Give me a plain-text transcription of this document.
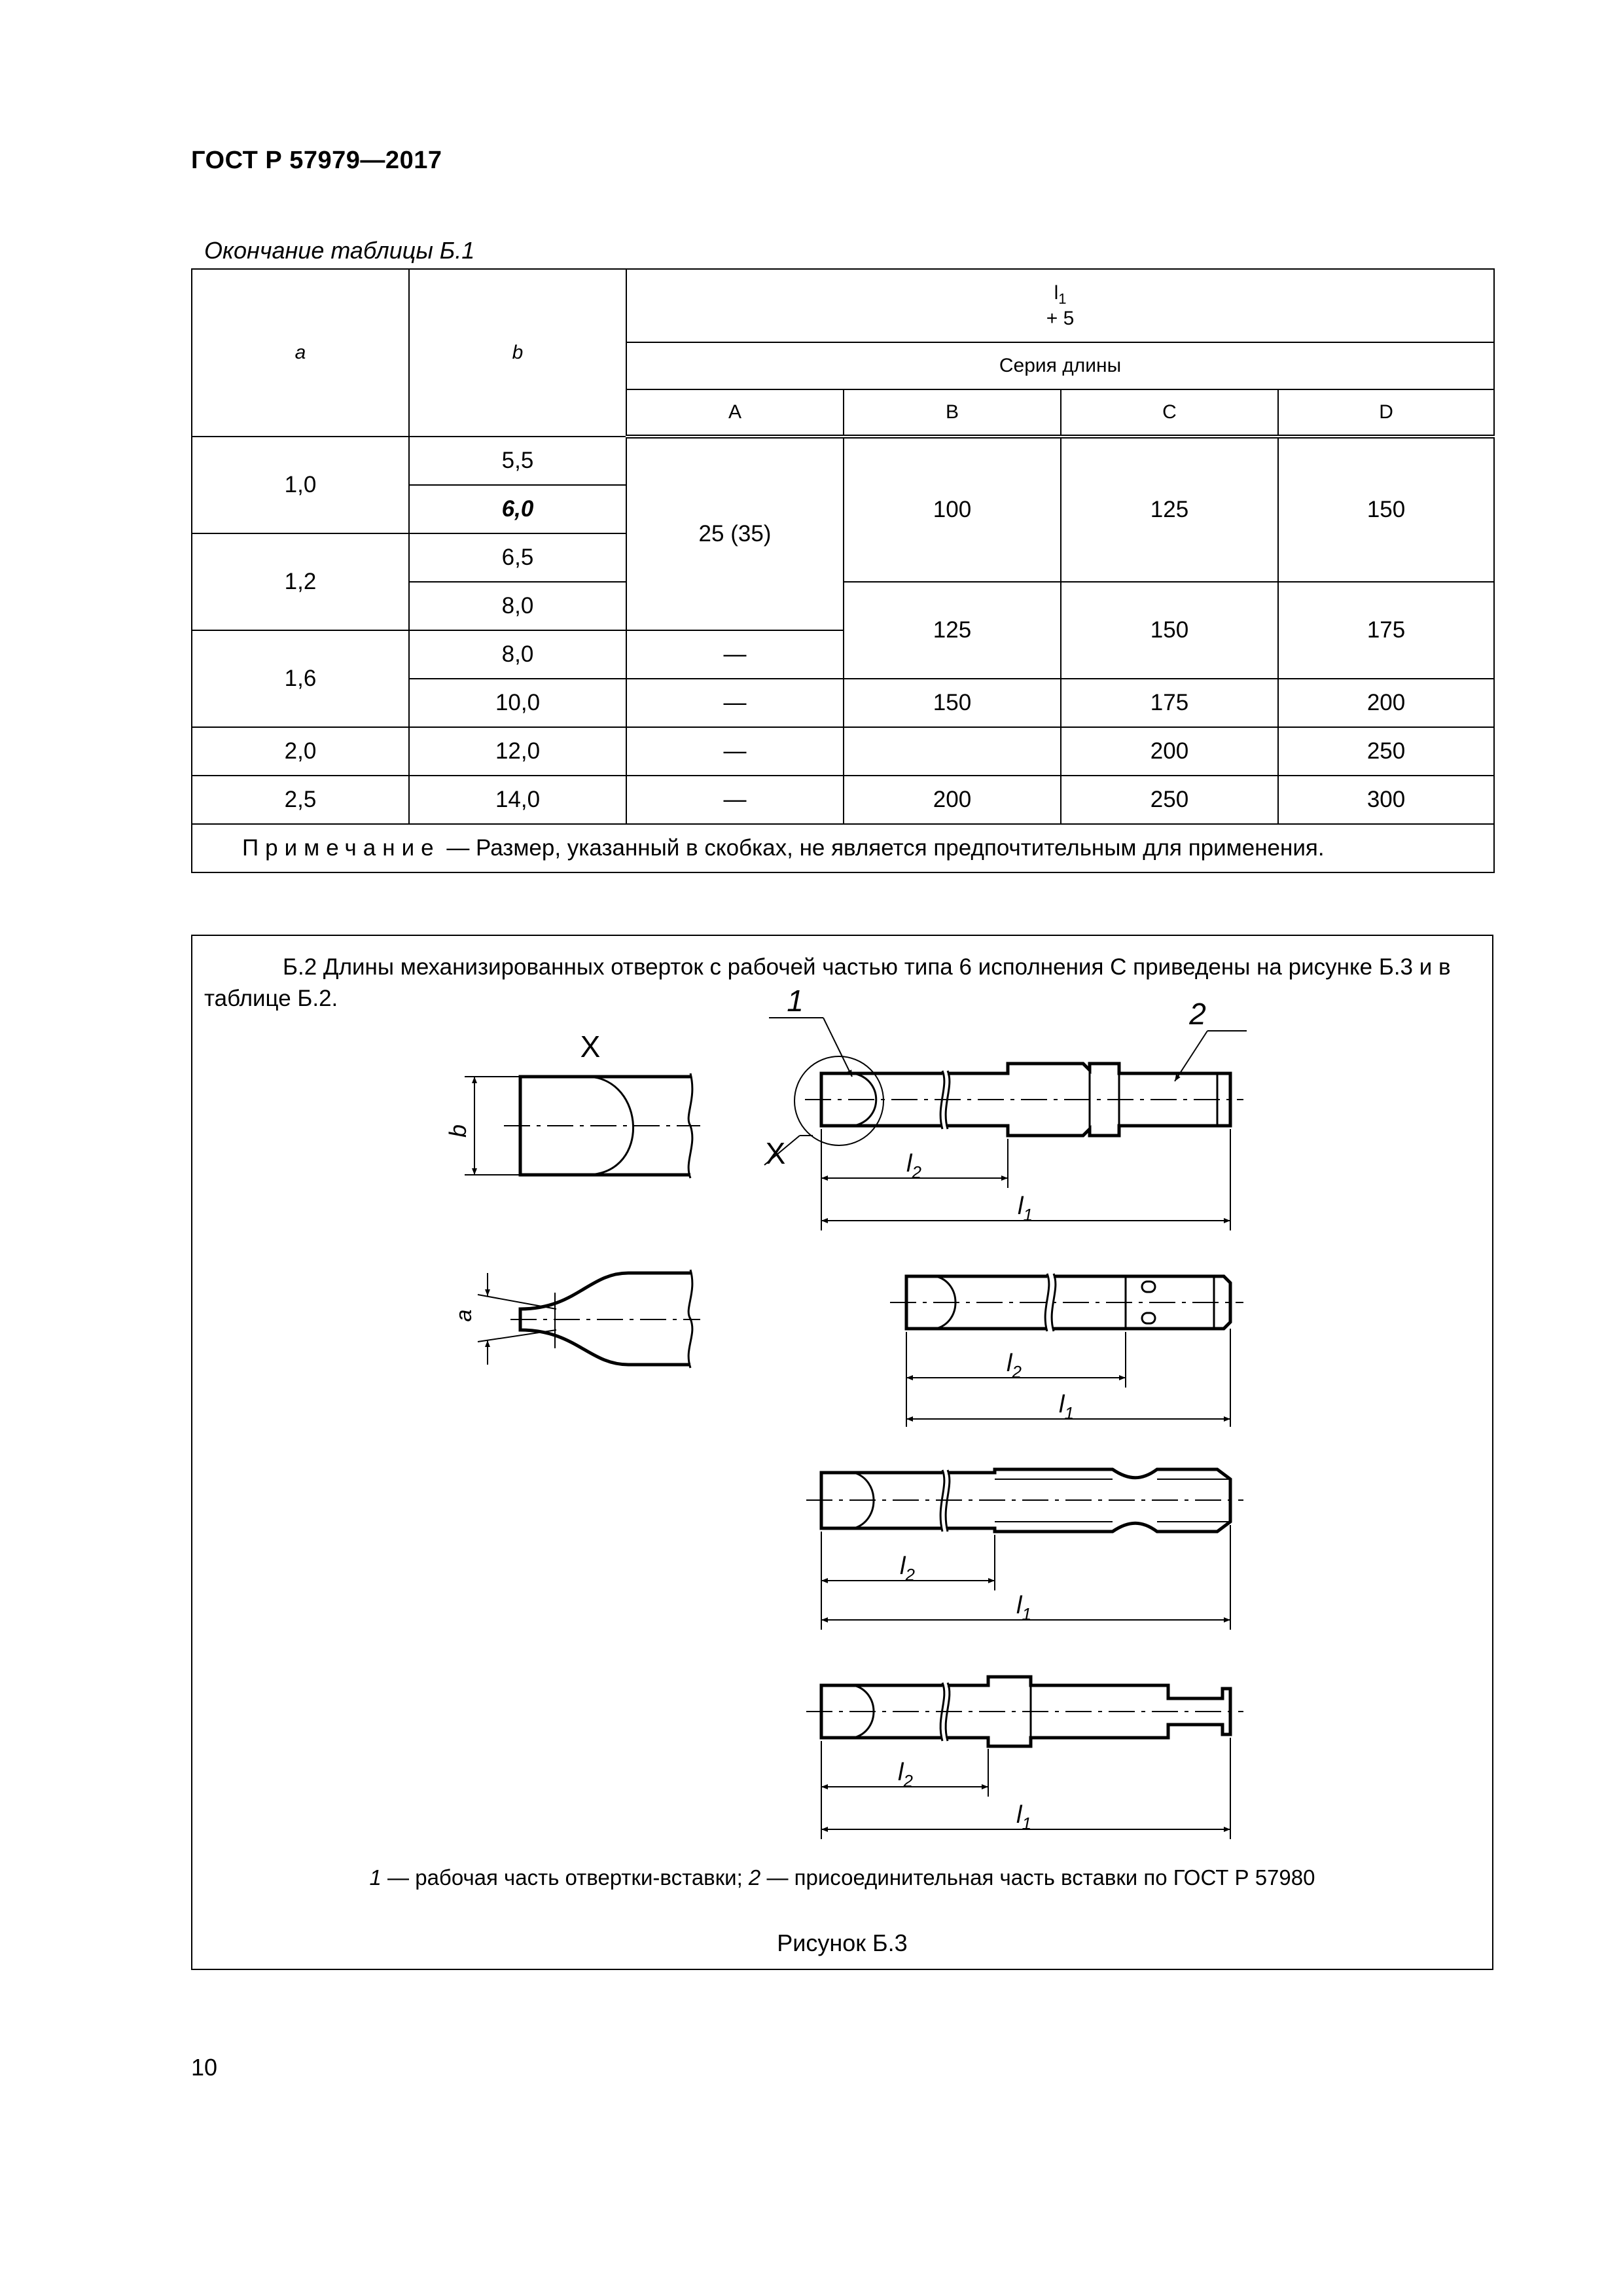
ГОСТ Р 57979—2017
Окончание таблицы Б.1
a	b	$l_1$
+ 5			
		Серия длины			
		A	B	C	D
1,0	5,5	25 (35)	100	125	150
	6,0				
1,2	6,5				
	8,0		125	150	175
1,6	8,0	—			
	10,0	—	150	175	200
2,0	12,0	—		200	250
2,5	14,0	—	200	250	300
Примечание — Размер, указанный в скобках, не является предпочтительным для применения.					
Б.2 Длины механизированных отверток с рабочей частью типа 6 исполнения С приведены на рисунке Б.3 и в таблице Б.2.
1 — рабочая часть отвертки-вставки; 2 — присоединительная часть вставки по ГОСТ Р 57980
Рисунок Б.3
X
b
a
1	2
X	$l_2$
$l_1$
$l_2$
$l_1$
$l_2$
$l_1$
$l_2$
$l_1$
10
